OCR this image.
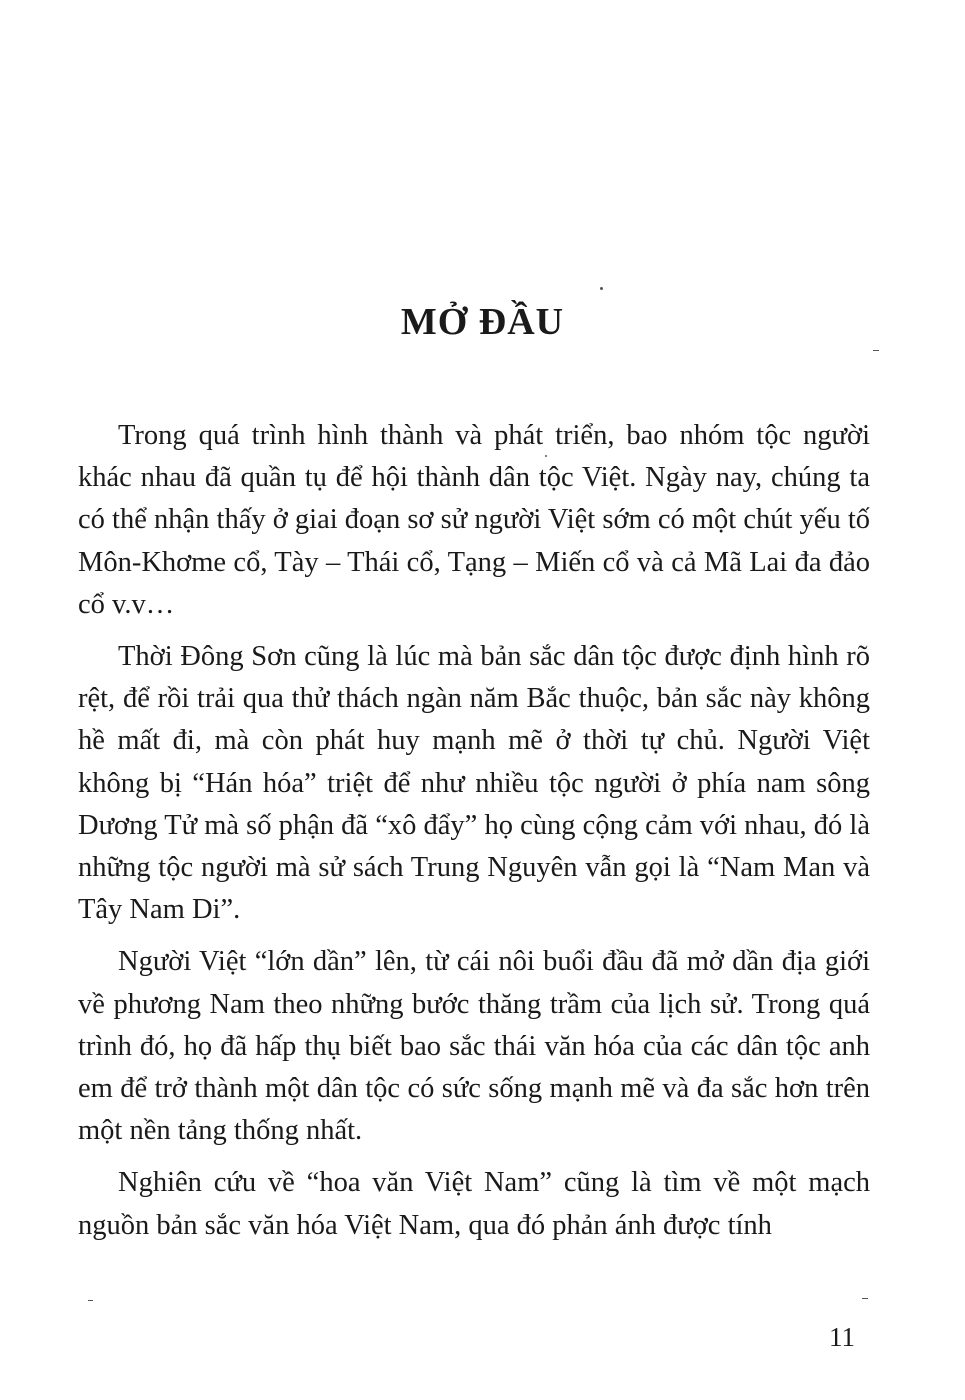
MỞ ĐẦU

Trong quá trình hình thành và phát triển, bao nhóm tộc người khác nhau đã quần tụ để hội thành dân tộc Việt. Ngày nay, chúng ta có thể nhận thấy ở giai đoạn sơ sử người Việt sớm có một chút yếu tố Môn-Khơme cổ, Tày – Thái cổ, Tạng – Miến cổ và cả Mã Lai đa đảo cổ v.v…

Thời Đông Sơn cũng là lúc mà bản sắc dân tộc được định hình rõ rệt, để rồi trải qua thử thách ngàn năm Bắc thuộc, bản sắc này không hề mất đi, mà còn phát huy mạnh mẽ ở thời tự chủ. Người Việt không bị “Hán hóa” triệt để như nhiều tộc người ở phía nam sông Dương Tử mà số phận đã “xô đẩy” họ cùng cộng cảm với nhau, đó là những tộc người mà sử sách Trung Nguyên vẫn gọi là “Nam Man và Tây Nam Di”.

Người Việt “lớn dần” lên, từ cái nôi buổi đầu đã mở dần địa giới về phương Nam theo những bước thăng trầm của lịch sử. Trong quá trình đó, họ đã hấp thụ biết bao sắc thái văn hóa của các dân tộc anh em để trở thành một dân tộc có sức sống mạnh mẽ và đa sắc hơn trên một nền tảng thống nhất.

Nghiên cứu về “hoa văn Việt Nam” cũng là tìm về một mạch nguồn bản sắc văn hóa Việt Nam, qua đó phản ánh được tính

11
